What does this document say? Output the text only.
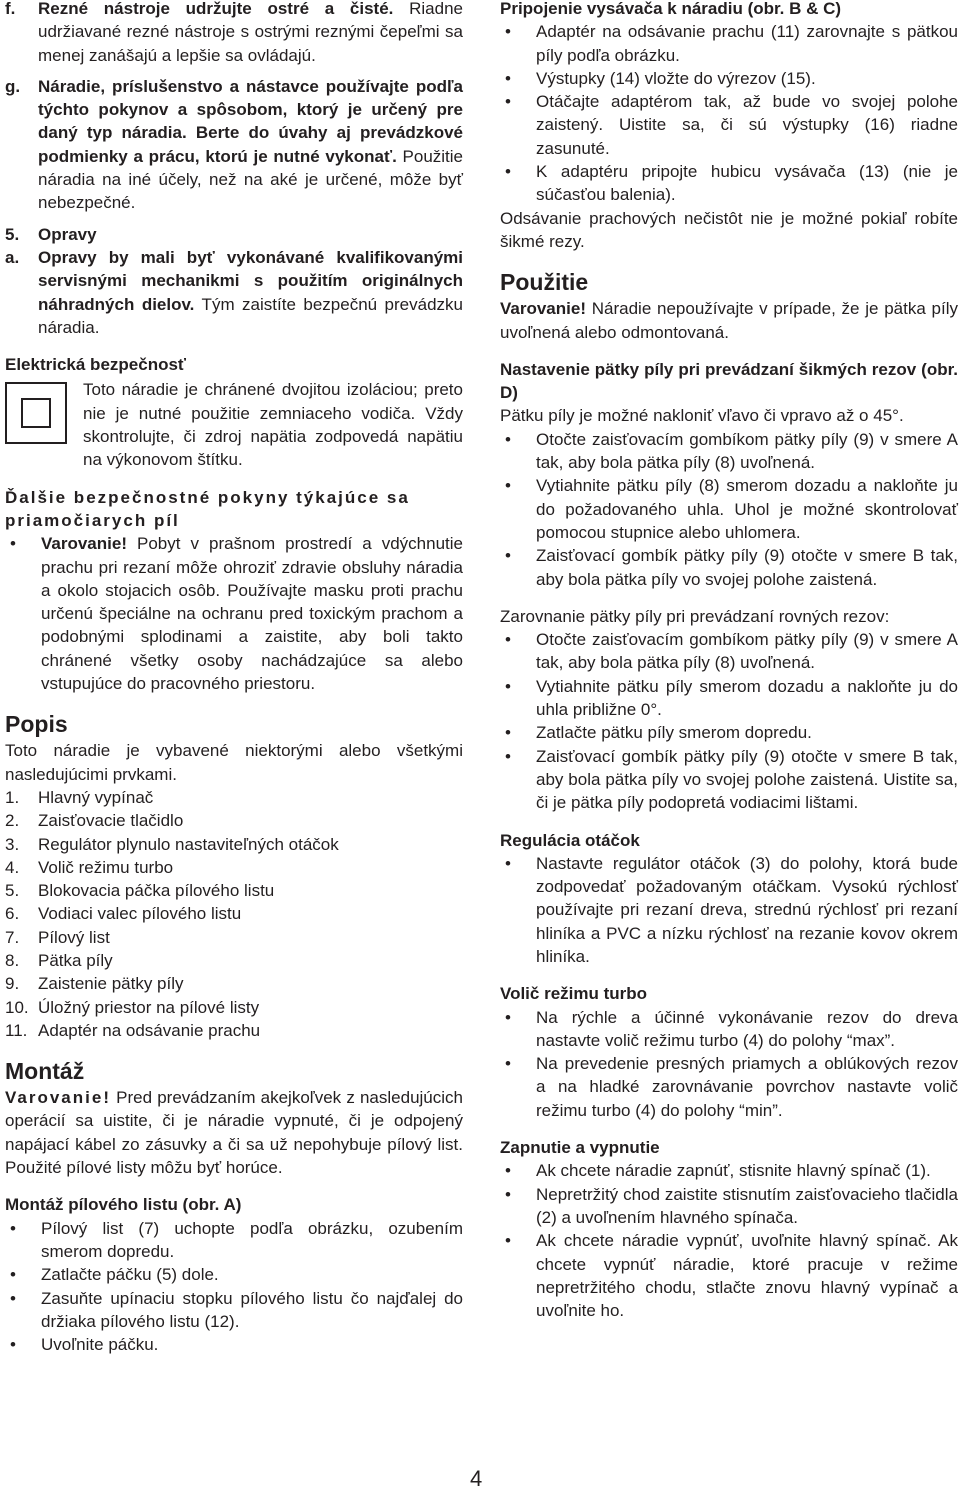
f.	Rezné nástroje udržujte ostré a čisté. Riadne udržiavané rezné nástroje s ostrými reznými čepeľmi sa menej zanášajú a lepšie sa ovládajú.
g.	Náradie, príslušenstvo a nástavce používajte podľa týchto pokynov a spôsobom, ktorý je určený pre daný typ náradia. Berte do úvahy aj prevádzkové podmienky a prácu, ktorú je nutné vykonať. Použitie náradia na iné účely, než na aké je určené, môže byť nebezpečné.
5.	Opravy
a.	Opravy by mali byť vykonávané kvalifikovanými servisnými mechanikmi s použitím originálnych náhradných dielov. Tým zaistíte bezpečnú prevádzku náradia.

Elektrická bezpečnosť

Toto náradie je chránené dvojitou izoláciou; preto nie je nutné použitie zemniaceho vodiča. Vždy skontrolujte, či zdroj napätia zodpovedá napätiu na výkonovom štítku.

Ďalšie bezpečnostné pokyny týkajúce sa priamočiarych píl

•	Varovanie! Pobyt v prašnom prostredí a vdýchnutie prachu pri rezaní môže ohroziť zdravie obsluhy náradia a okolo stojacich osôb. Používajte masku proti prachu určenú špeciálne na ochranu pred toxickým prachom a podobnými splodinami a zaistite, aby boli takto chránené všetky osoby nachádzajúce sa alebo vstupujúce do pracovného priestoru.

Popis

Toto náradie je vybavené niektorými alebo všetkými nasledujúcimi prvkami.

1.	Hlavný vypínač
2.	Zaisťovacie tlačidlo
3.	Regulátor plynulo nastaviteľných otáčok
4.	Volič režimu turbo
5.	Blokovacia páčka pílového listu
6.	Vodiaci valec pílového listu
7.	Pílový list
8.	Pätka píly
9.	Zaistenie pätky píly
10. Úložný priestor na pílové listy
11. Adaptér na odsávanie prachu

Montáž

Varovanie! Pred prevádzaním akejkoľvek z nasledujúcich operácií sa uistite, či je náradie vypnuté, či je odpojený napájací kábel zo zásuvky a či sa už nepohybuje pílový list. Použité pílové listy môžu byť horúce.

Montáž pílového listu (obr. A)

•	Pílový list (7) uchopte podľa obrázku, ozubením smerom dopredu.
•	Zatlačte páčku (5) dole.
•	Zasuňte upínaciu stopku pílového listu čo najďalej do držiaka pílového listu (12).
•	Uvoľnite páčku.

Pripojenie vysávača k náradiu (obr. B & C)

•	Adaptér na odsávanie prachu (11) zarovnajte s pätkou píly podľa obrázku.
•	Výstupky (14) vložte do výrezov (15).
•	Otáčajte adaptérom tak, až bude vo svojej polohe zaistený. Uistite sa, či sú výstupky (16) riadne zasunuté.
•	K adaptéru pripojte hubicu vysávača (13) (nie je súčasťou balenia).

Odsávanie prachových nečistôt nie je možné pokiaľ robíte šikmé rezy.

Použitie

Varovanie! Náradie nepoužívajte v prípade, že je pätka píly uvoľnená alebo odmontovaná.

Nastavenie pätky píly pri prevádzaní šikmých rezov (obr. D)

Pätku píly je možné nakloniť vľavo či vpravo až o 45°.

•	Otočte zaisťovacím gombíkom pätky píly (9) v smere A tak, aby bola pätka píly (8) uvoľnená.
•	Vytiahnite pätku píly (8) smerom dozadu a nakloňte ju do požadovaného uhla. Uhol je možné skontrolovať pomocou stupnice alebo uhlomera.
•	Zaisťovací gombík pätky píly (9) otočte v smere B tak, aby bola pätka píly vo svojej polohe zaistená.

Zarovnanie pätky píly pri prevádzaní rovných rezov:

•	Otočte zaisťovacím gombíkom pätky píly (9) v smere A tak, aby bola pätka píly (8) uvoľnená.
•	Vytiahnite pätku píly smerom dozadu a nakloňte ju do uhla približne 0°.
•	Zatlačte pätku píly smerom dopredu.
•	Zaisťovací gombík pätky píly (9) otočte v smere B tak, aby bola pätka píly vo svojej polohe zaistená. Uistite sa, či je pätka píly podopretá vodiacimi lištami.

Regulácia otáčok

•	Nastavte regulátor otáčok (3) do polohy, ktorá bude zodpovedať požadovaným otáčkam. Vysokú rýchlosť používajte pri rezaní dreva, strednú rýchlosť pri rezaní hliníka a PVC a nízku rýchlosť na rezanie kovov okrem hliníka.

Volič režimu turbo

•	Na rýchle a účinné vykonávanie rezov do dreva nastavte volič režimu turbo (4) do polohy “max”.
•	Na prevedenie presných priamych a oblúkových rezov a na hladké zarovnávanie povrchov nastavte volič režimu turbo (4) do polohy “min”.

Zapnutie a vypnutie

•	Ak chcete náradie zapnúť, stisnite hlavný spínač (1).
•	Nepretržitý chod zaistite stisnutím zaisťovacieho tlačidla (2) a uvoľnením hlavného spínača.
•	Ak chcete náradie vypnúť, uvoľnite hlavný spínač. Ak chcete vypnúť náradie, ktoré pracuje v režime nepretržitého chodu, stlačte znovu hlavný vypínač a uvoľnite ho.
4
